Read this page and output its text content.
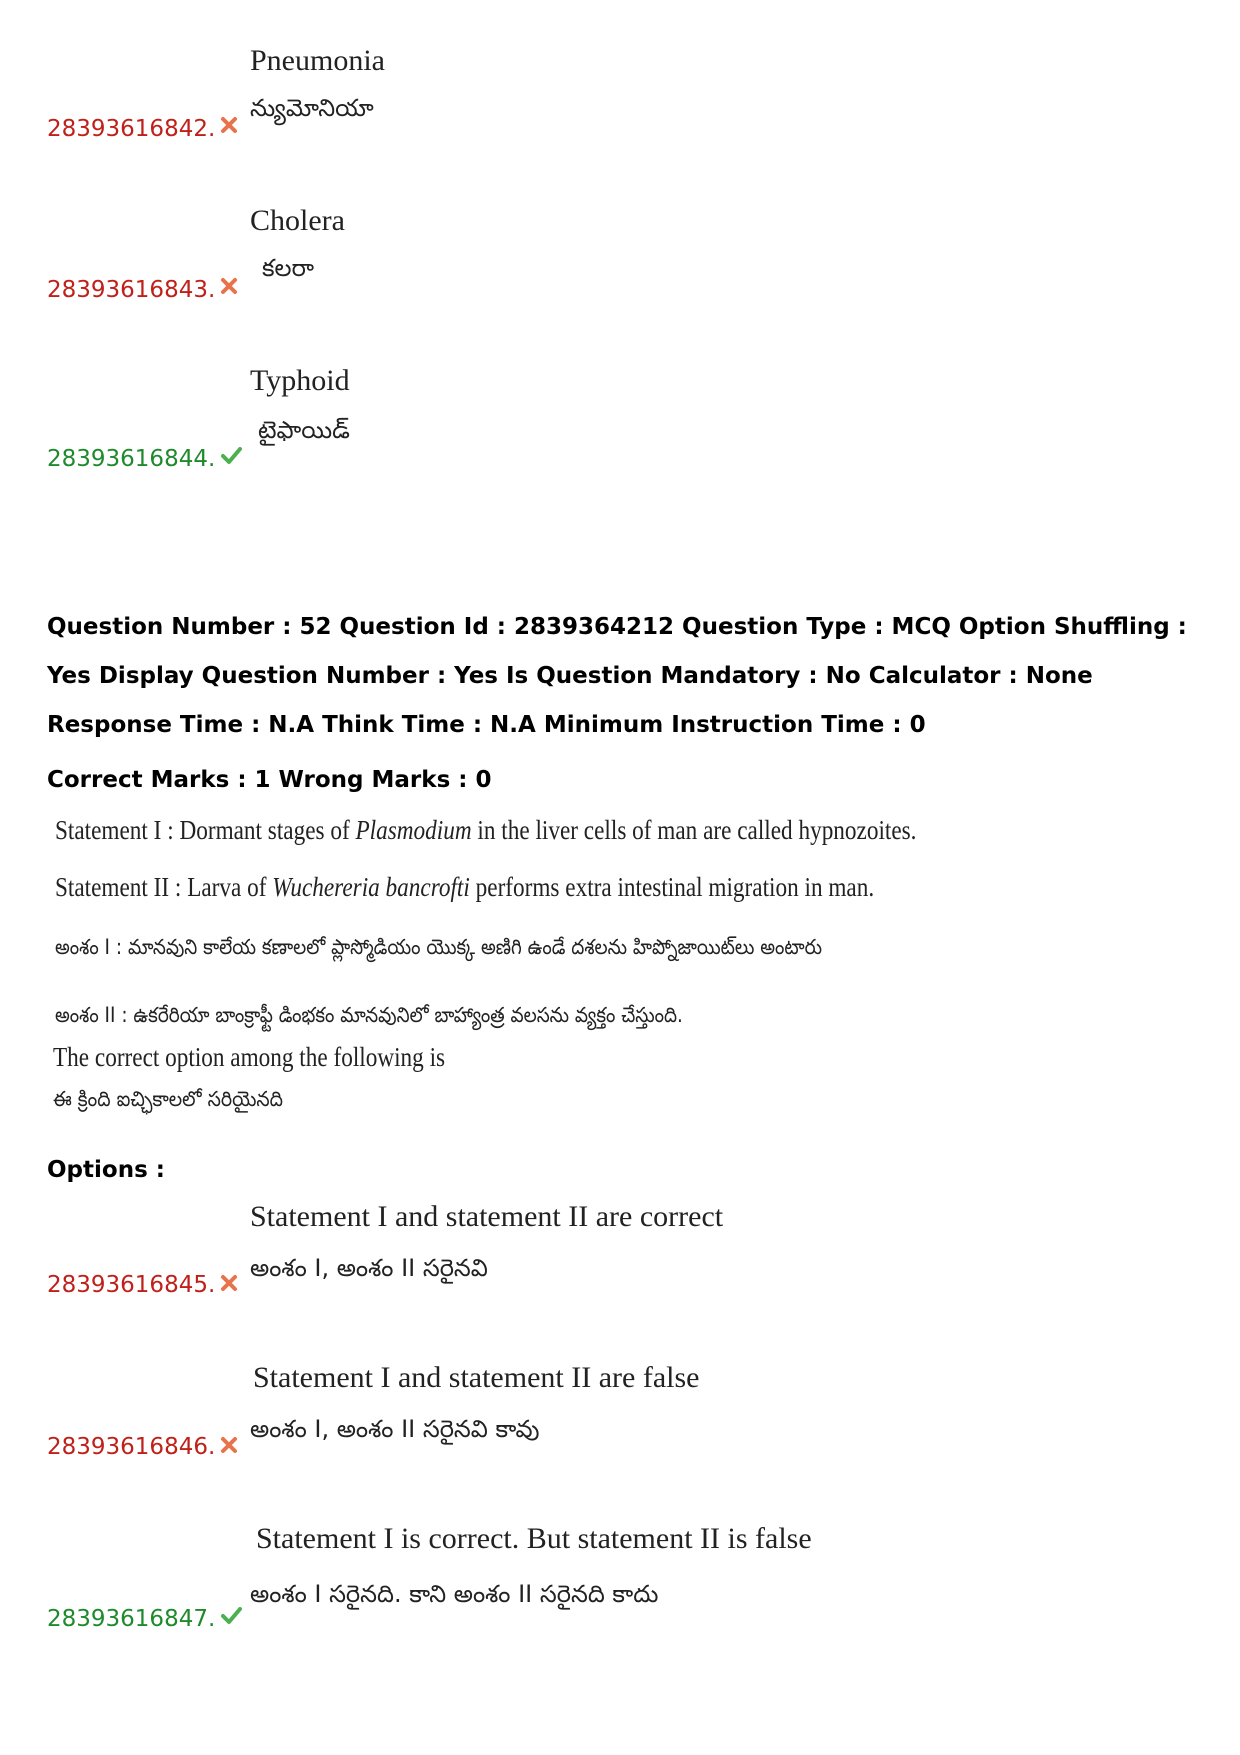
Pneumonia
న్యుమోనియా
28393616842.
Cholera
కలరా
28393616843.
Typhoid
టైఫాయిడ్
28393616844.
Question Number : 52 Question Id : 2839364212 Question Type : MCQ Option Shuffling : Yes Display Question Number : Yes Is Question Mandatory : No Calculator : None Response Time : N.A Think Time : N.A Minimum Instruction Time : 0
Correct Marks : 1 Wrong Marks : 0
Statement I : Dormant stages of Plasmodium in the liver cells of man are called hypnozoites.
Statement II : Larva of Wuchereria bancrofti performs extra intestinal migration in man.
అంశం I : మానవుని కాలేయ కణాలలో ప్లాస్మోడియం యొక్క అణిగి ఉండే దశలను హిప్నోజాయిట్‌లు అంటారు
అంశం II : ఉకరేరియా బాంక్రాఫ్టీ డింభకం మానవునిలో బాహ్యాంత్ర వలసను వ్యక్తం చేస్తుంది.
The correct option among the following is
ఈ క్రింది ఐచ్ఛికాలలో సరియైనది
Options :
Statement I and statement II are correct
అంశం I, అంశం II సరైనవి
28393616845.
Statement I and statement II are false
అంశం I, అంశం II సరైనవి కావు
28393616846.
Statement I is correct. But statement II is false
అంశం I సరైనది. కాని అంశం II సరైనది కాదు
28393616847.
